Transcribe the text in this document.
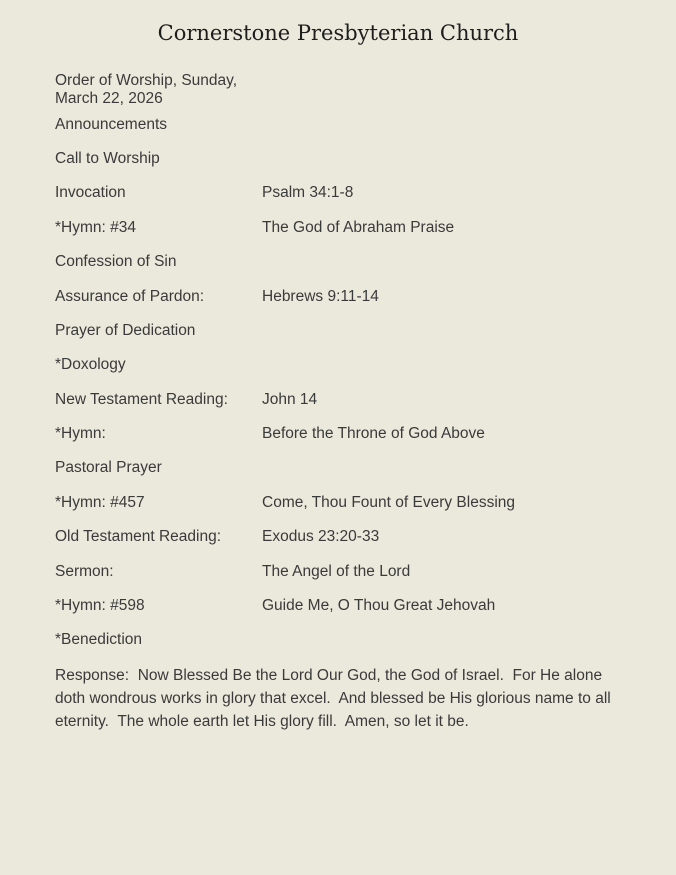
Cornerstone Presbyterian Church
Order of Worship, Sunday, March 22, 2026
Announcements
Call to Worship
Invocation	Psalm 34:1-8
*Hymn: #34	The God of Abraham Praise
Confession of Sin
Assurance of Pardon:	Hebrews 9:11-14
Prayer of Dedication
*Doxology
New Testament Reading:	John 14
*Hymn:	Before the Throne of God Above
Pastoral Prayer
*Hymn: #457	Come, Thou Fount of Every Blessing
Old Testament Reading:	Exodus 23:20-33
Sermon:	The Angel of the Lord
*Hymn: #598	Guide Me, O Thou Great Jehovah
*Benediction

Response:  Now Blessed Be the Lord Our God, the God of Israel.  For He alone doth wondrous works in glory that excel.  And blessed be His glorious name to all eternity.  The whole earth let His glory fill.  Amen, so let it be.
